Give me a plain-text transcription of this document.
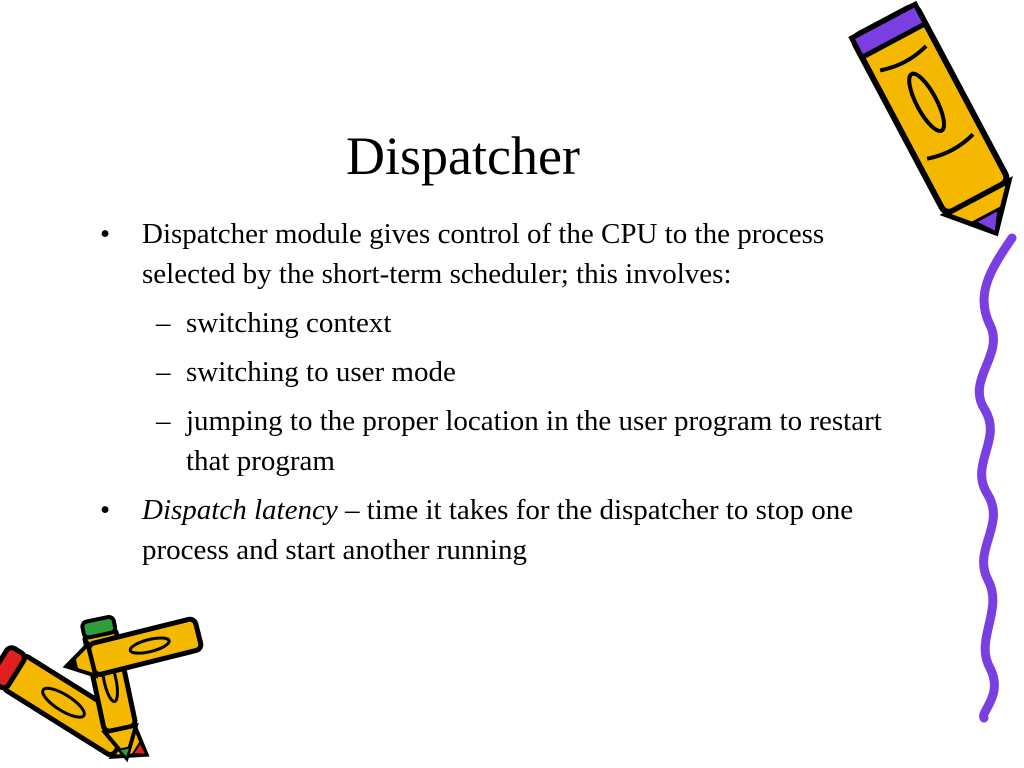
Dispatcher
• Dispatcher module gives control of the CPU to the process selected by the short-term scheduler; this involves:
– switching context
– switching to user mode
– jumping to the proper location in the user program to restart that program
• Dispatch latency – time it takes for the dispatcher to stop one process and start another running
